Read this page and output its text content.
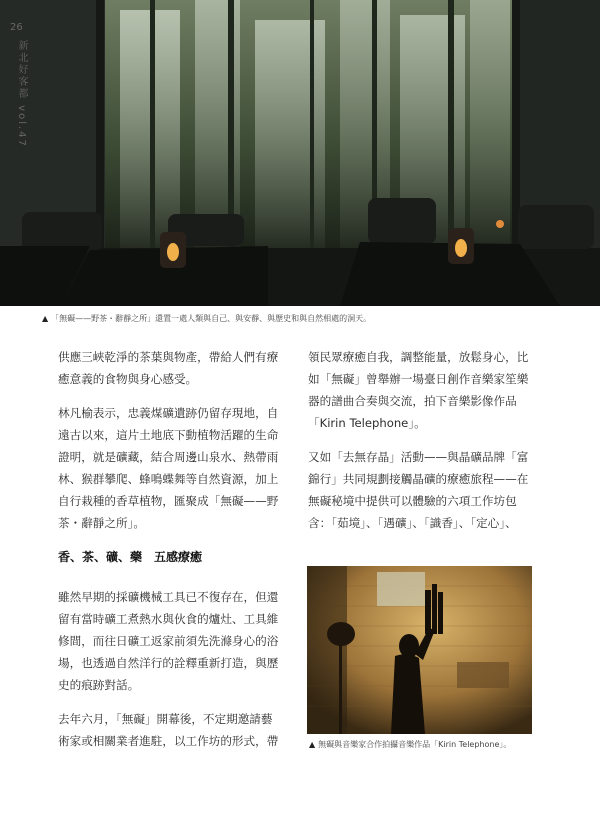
26
新北好客都 vol.47
▲ 「無礙——野茶・辭靜之所」還置一處人類與自己、與安靜、與歷史和與自然相處的洞天。

供應三峽乾淨的茶葉與物產，帶給人們有療癒意義的食物與身心感受。

林凡榆表示，忠義煤礦遺跡仍留存現地，自遠古以來，這片土地底下動植物活躍的生命證明，就是礦藏，結合周邊山泉水、熱帶雨林、猴群攀爬、蜂鳴蝶舞等自然資源，加上自行栽種的香草植物，匯聚成「無礙——野茶・辭靜之所」。

香、茶、礦、藥　五感療癒

雖然早期的採礦機械工具已不復存在，但還留有當時礦工煮熱水與伙食的爐灶、工具維修間，而往日礦工返家前須先洗滌身心的浴場，也透過自然洋行的詮釋重新打造，與歷史的痕跡對話。

去年六月，「無礙」開幕後，不定期邀請藝術家或相關業者進駐，以工作坊的形式，帶

領民眾療癒自我，調整能量，放鬆身心，比如「無礙」曾舉辦一場臺日創作音樂家笙樂器的譜曲合奏與交流，拍下音樂影像作品「Kirin Telephone」。

又如「去無存晶」活動——與晶礦品牌「富錦行」共同規劃接觸晶礦的療癒旅程——在無礙秘境中提供可以體驗的六項工作坊包含：「茹境」、「遇礦」、「識香」、「定心」、

▲ 無礙與音樂家合作拍攝音樂作品「Kirin Telephone」。
